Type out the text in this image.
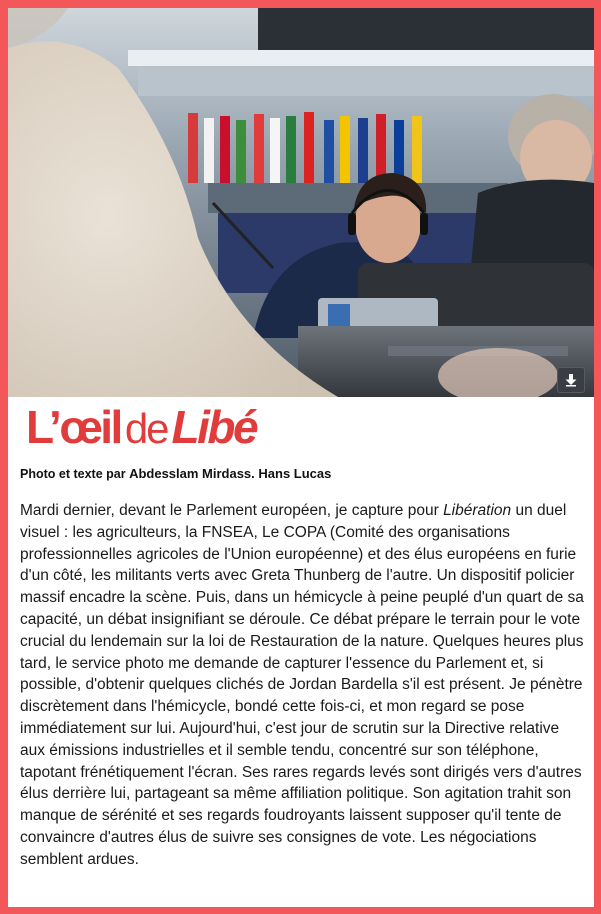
L’œil de Libé
Photo et texte par Abdesslam Mirdass. Hans Lucas

Mardi dernier, devant le Parlement européen, je capture pour Libération un duel visuel : les agriculteurs, la FNSEA, Le COPA (Comité des organisations professionnelles agricoles de l'Union européenne) et des élus européens en furie d'un côté, les militants verts avec Greta Thunberg de l'autre. Un dispositif policier massif encadre la scène. Puis, dans un hémicycle à peine peuplé d'un quart de sa capacité, un débat insignifiant se déroule. Ce débat prépare le terrain pour le vote crucial du lendemain sur la loi de Restauration de la nature. Quelques heures plus tard, le service photo me demande de capturer l'essence du Parlement et, si possible, d'obtenir quelques clichés de Jordan Bardella s'il est présent. Je pénètre discrètement dans l'hémicycle, bondé cette fois-ci, et mon regard se pose immédiatement sur lui. Aujourd'hui, c'est jour de scrutin sur la Directive relative aux émissions industrielles et il semble tendu, concentré sur son téléphone, tapotant frénétiquement l'écran. Ses rares regards levés sont dirigés vers d'autres élus derrière lui, partageant sa même affiliation politique. Son agitation trahit son manque de sérénité et ses regards foudroyants laissent supposer qu'il tente de convaincre d'autres élus de suivre ses consignes de vote. Les négociations semblent ardues.
